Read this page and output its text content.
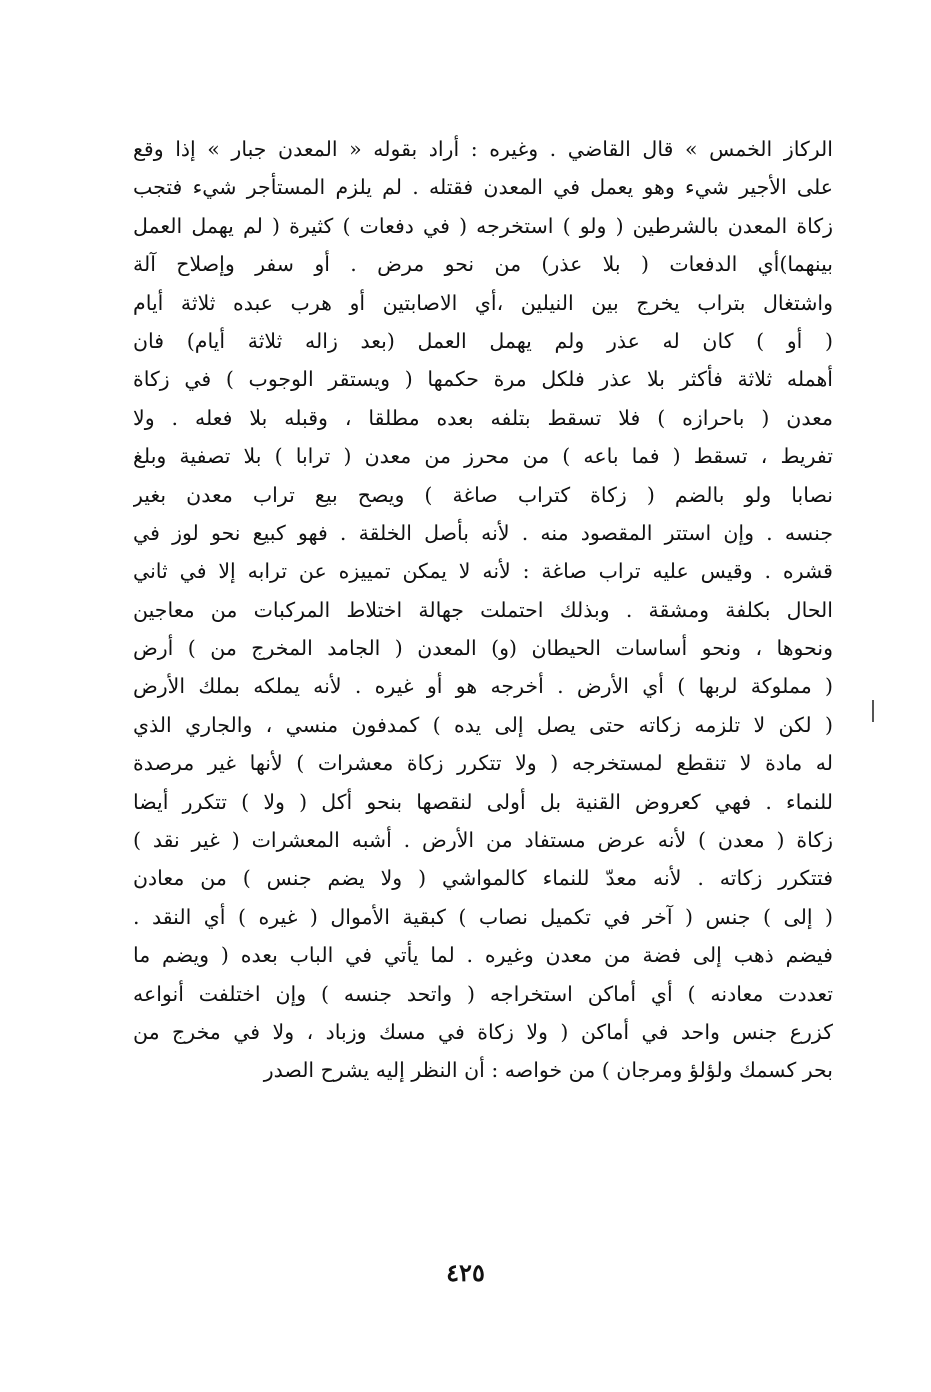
الركاز الخمس » قال القاضي . وغيره : أراد بقوله « المعدن جبار » إذا وقع
على الأجير شيء وهو يعمل في المعدن فقتله . لم يلزم المستأجر شيء فتجب
زكاة المعدن بالشرطين ( ولو ) استخرجه ( في دفعات ) كثيرة ( لم يهمل العمل
بينهما)أي الدفعات ( بلا عذر) من نحو مرض . أو سفر وإصلاح آلة
واشتغال بتراب يخرج بين النيلين ،أي الاصابتين أو هرب عبده ثلاثة أيام
( أو ) كان له عذر ولم يهمل العمل (بعد زاله ثلاثة أيام) فان
أهمله ثلاثة فأكثر بلا عذر فلكل مرة حكمها ( ويستقر الوجوب ) في زكاة
معدن ( باحرازه ) فلا تسقط بتلفه بعده مطلقا ، وقبله بلا فعله . ولا
تفريط ، تسقط ( فما باعه ) من محرز من معدن ( ترابا ) بلا تصفية وبلغ
نصابا ولو بالضم ( زكاة كتراب صاغة ) ويصح بيع تراب معدن بغير
جنسه . وإن استتر المقصود منه . لأنه بأصل الخلقة . فهو كبيع نحو لوز في
قشره . وقيس عليه تراب صاغة : لأنه لا يمكن تمييزه عن ترابه إلا في ثاني
الحال بكلفة ومشقة . وبذلك احتملت جهالة اختلاط المركبات من معاجين
ونحوها ، ونحو أساسات الحيطان (و) المعدن ( الجامد المخرج من ) أرض
( مملوكة لربها ) أي الأرض . أخرجه هو أو غيره . لأنه يملكه بملك الأرض
( لكن لا تلزمه زكاته حتى يصل إلى يده ) كمدفون منسي ، والجاري الذي
له مادة لا تنقطع لمستخرجه ( ولا تتكرر زكاة معشرات ) لأنها غير مرصدة
للنماء . فهي كعروض القنية بل أولى لنقصها بنحو أكل ( ولا ) تتكرر أيضا
زكاة ( معدن ) لأنه عرض مستفاد من الأرض . أشبه المعشرات ( غير نقد )
فتتكرر زكاته . لأنه معدّ للنماء كالمواشي ( ولا يضم جنس ) من معادن
( إلى ) جنس ( آخر في تكميل نصاب ) كبقية الأموال ( غيره ) أي النقد .
فيضم ذهب إلى فضة من معدن وغيره . لما يأتي في الباب بعده ( ويضم ما
تعددت معادنه ) أي أماكن استخراجه ( واتحد جنسه ) وإن اختلفت أنواعه
كزرع جنس واحد في أماكن ( ولا زكاة في مسك وزباد ، ولا في مخرج من
بحر كسمك ولؤلؤ ومرجان ) من خواصه : أن النظر إليه يشرح الصدر
٤٢٥
